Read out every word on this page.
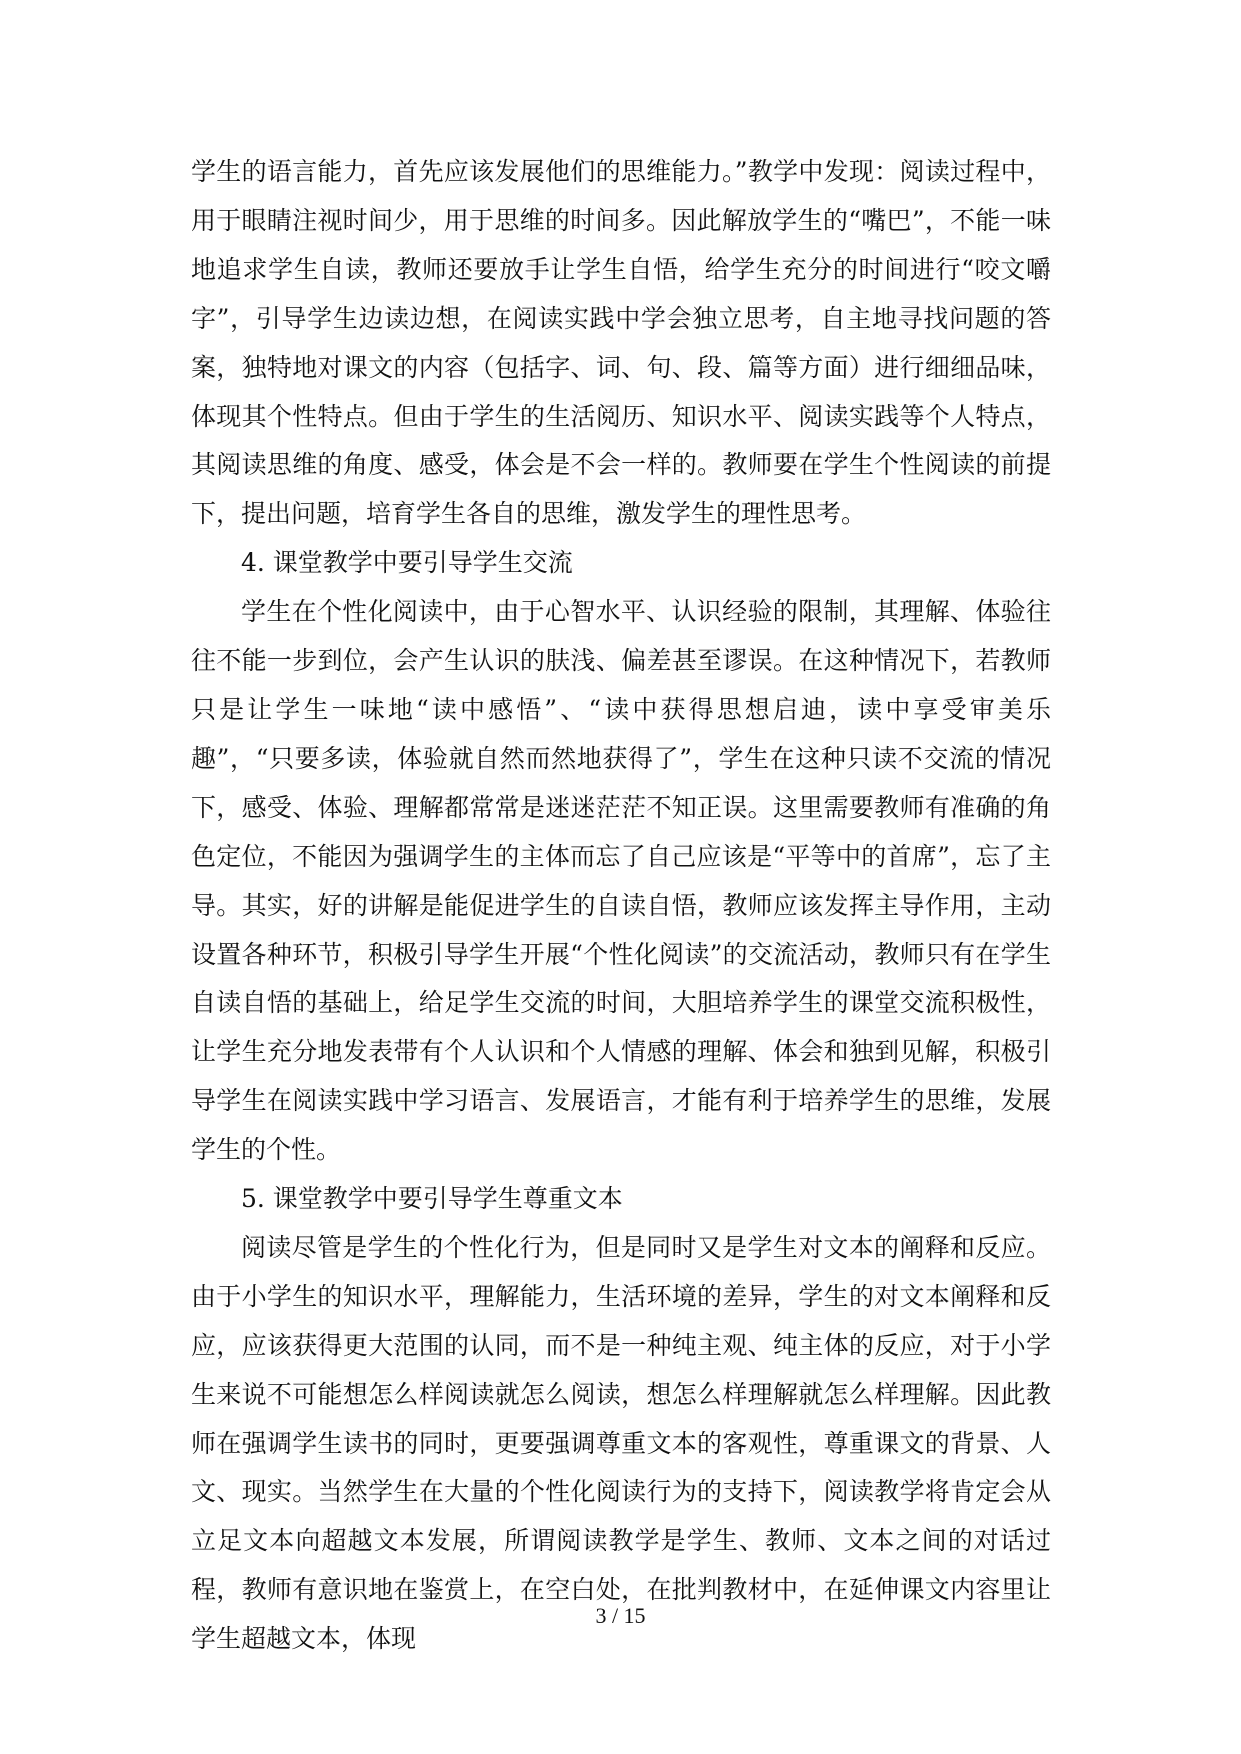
学生的语言能力，首先应该发展他们的思维能力。”教学中发现：阅读过程中，用于眼睛注视时间少，用于思维的时间多。因此解放学生的“嘴巴”，不能一味地追求学生自读，教师还要放手让学生自悟，给学生充分的时间进行“咬文嚼字”，引导学生边读边想，在阅读实践中学会独立思考，自主地寻找问题的答案，独特地对课文的内容（包括字、词、句、段、篇等方面）进行细细品味，体现其个性特点。但由于学生的生活阅历、知识水平、阅读实践等个人特点，其阅读思维的角度、感受，体会是不会一样的。教师要在学生个性阅读的前提下，提出问题，培育学生各自的思维，激发学生的理性思考。

4. 课堂教学中要引导学生交流

学生在个性化阅读中，由于心智水平、认识经验的限制，其理解、体验往往不能一步到位，会产生认识的肤浅、偏差甚至谬误。在这种情况下，若教师只是让学生一味地“读中感悟”、“读中获得思想启迪，读中享受审美乐趣”，“只要多读，体验就自然而然地获得了”，学生在这种只读不交流的情况下，感受、体验、理解都常常是迷迷茫茫不知正误。这里需要教师有准确的角色定位，不能因为强调学生的主体而忘了自己应该是“平等中的首席”，忘了主导。其实，好的讲解是能促进学生的自读自悟，教师应该发挥主导作用，主动设置各种环节，积极引导学生开展“个性化阅读”的交流活动，教师只有在学生自读自悟的基础上，给足学生交流的时间，大胆培养学生的课堂交流积极性，让学生充分地发表带有个人认识和个人情感的理解、体会和独到见解，积极引导学生在阅读实践中学习语言、发展语言，才能有利于培养学生的思维，发展学生的个性。

5. 课堂教学中要引导学生尊重文本

阅读尽管是学生的个性化行为，但是同时又是学生对文本的阐释和反应。由于小学生的知识水平，理解能力，生活环境的差异，学生的对文本阐释和反应，应该获得更大范围的认同，而不是一种纯主观、纯主体的反应，对于小学生来说不可能想怎么样阅读就怎么阅读，想怎么样理解就怎么样理解。因此教师在强调学生读书的同时，更要强调尊重文本的客观性，尊重课文的背景、人文、现实。当然学生在大量的个性化阅读行为的支持下，阅读教学将肯定会从立足文本向超越文本发展，所谓阅读教学是学生、教师、文本之间的对话过程，教师有意识地在鉴赏上，在空白处，在批判教材中，在延伸课文内容里让学生超越文本，体现

3 / 15
